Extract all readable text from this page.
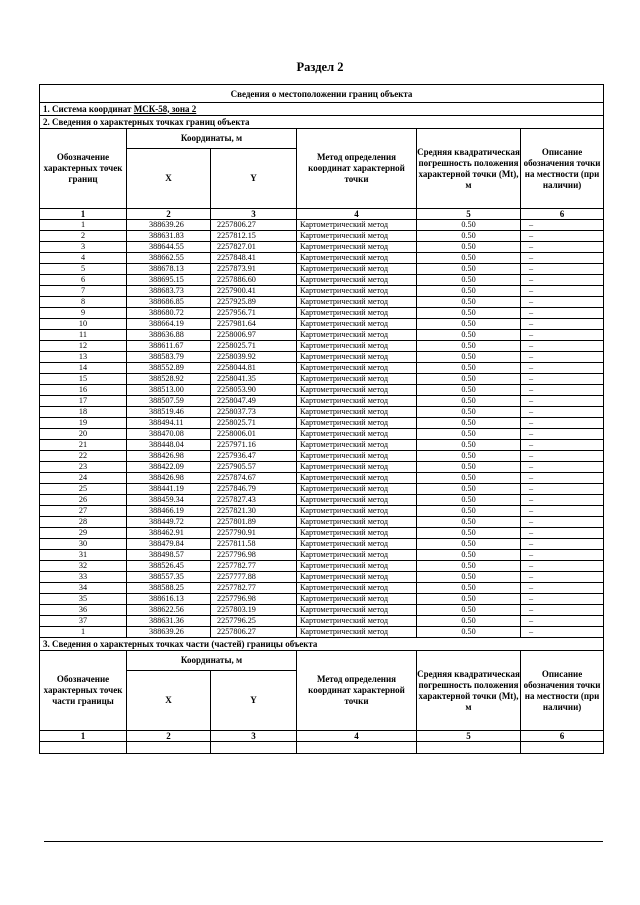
Раздел 2
Сведения о местоположении границ объекта					
1. Система координат МСК-58, зона 2					
2. Сведения о характерных точках границ объекта					
Обозначение характерных точек границ	Координаты, м		Метод определения координат характерной точки	Средняя квадратическая погрешность положения характерной точки (Mt), м	Описание обозначения точки на местности (при наличии)
	X	Y			
1	2	3	4	5	6
1	388639.26	2257806.27	Картометрический метод	0.50	–
2	388631.83	2257812.15	Картометрический метод	0.50	–
3	388644.55	2257827.01	Картометрический метод	0.50	–
4	388662.55	2257848.41	Картометрический метод	0.50	–
5	388678.13	2257873.91	Картометрический метод	0.50	–
6	388695.15	2257886.60	Картометрический метод	0.50	–
7	388683.73	2257900.41	Картометрический метод	0.50	–
8	388686.85	2257925.89	Картометрический метод	0.50	–
9	388680.72	2257956.71	Картометрический метод	0.50	–
10	388664.19	2257981.64	Картометрический метод	0.50	–
11	388636.88	2258006.97	Картометрический метод	0.50	–
12	388611.67	2258025.71	Картометрический метод	0.50	–
13	388583.79	2258039.92	Картометрический метод	0.50	–
14	388552.89	2258044.81	Картометрический метод	0.50	–
15	388528.92	2258041.35	Картометрический метод	0.50	–
16	388513.00	2258053.90	Картометрический метод	0.50	–
17	388507.59	2258047.49	Картометрический метод	0.50	–
18	388519.46	2258037.73	Картометрический метод	0.50	–
19	388494.11	2258025.71	Картометрический метод	0.50	–
20	388470.08	2258006.01	Картометрический метод	0.50	–
21	388448.04	2257971.16	Картометрический метод	0.50	–
22	388426.98	2257936.47	Картометрический метод	0.50	–
23	388422.09	2257905.57	Картометрический метод	0.50	–
24	388426.98	2257874.67	Картометрический метод	0.50	–
25	388441.19	2257846.79	Картометрический метод	0.50	–
26	388459.34	2257827.43	Картометрический метод	0.50	–
27	388466.19	2257821.30	Картометрический метод	0.50	–
28	388449.72	2257801.89	Картометрический метод	0.50	–
29	388462.91	2257790.91	Картометрический метод	0.50	–
30	388479.84	2257811.58	Картометрический метод	0.50	–
31	388498.57	2257796.98	Картометрический метод	0.50	–
32	388526.45	2257782.77	Картометрический метод	0.50	–
33	388557.35	2257777.88	Картометрический метод	0.50	–
34	388588.25	2257782.77	Картометрический метод	0.50	–
35	388616.13	2257796.98	Картометрический метод	0.50	–
36	388622.56	2257803.19	Картометрический метод	0.50	–
37	388631.36	2257796.25	Картометрический метод	0.50	–
1	388639.26	2257806.27	Картометрический метод	0.50	–
3. Сведения о характерных точках части (частей) границы объекта					
Обозначение характерных точек части границы	Координаты, м		Метод определения координат характерной точки	Средняя квадратическая погрешность положения характерной точки (Mt), м	Описание обозначения точки на местности (при наличии)
	X	Y			
1	2	3	4	5	6
